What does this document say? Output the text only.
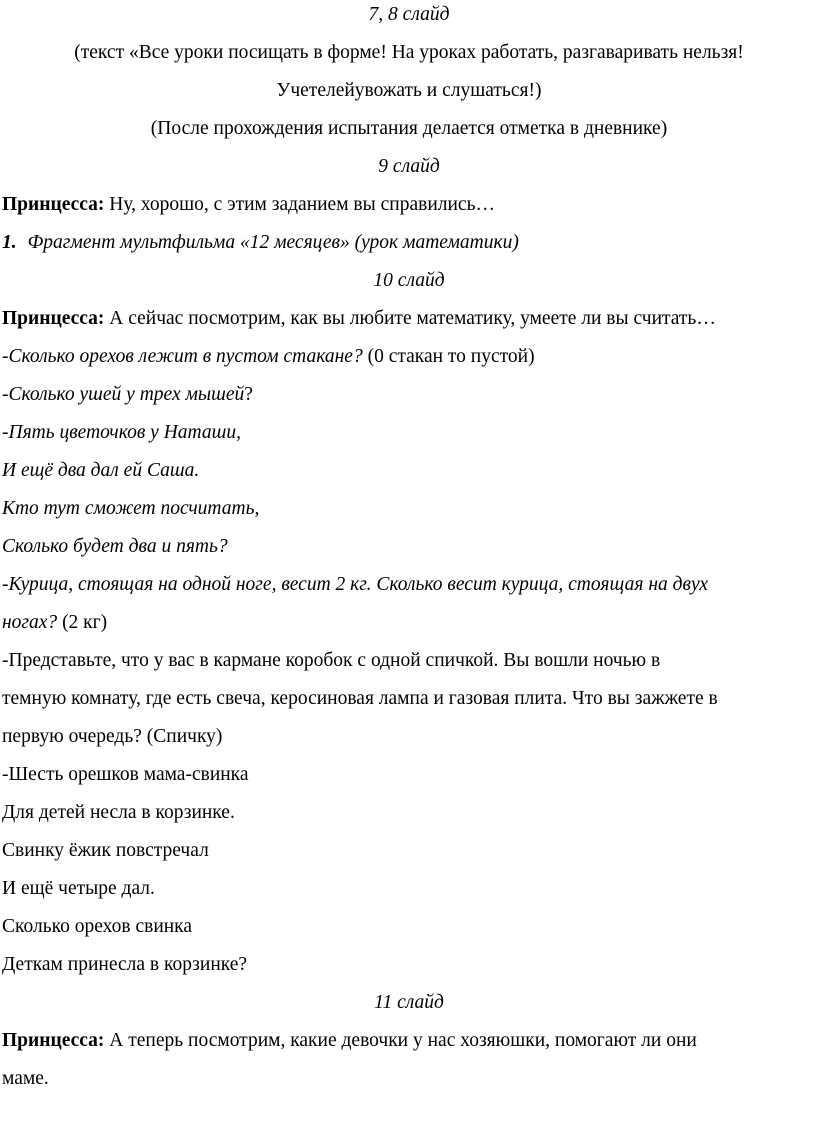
7, 8 слайд
(текст «Все уроки посищать в форме! На уроках работать, разгаваривать нельзя!
Учетелейувожать и слушаться!)
(После прохождения испытания делается отметка в дневнике)
9 слайд
Принцесса: Ну, хорошо, с этим заданием вы справились…
1. Фрагмент мультфильма «12 месяцев» (урок математики)
10 слайд
Принцесса: А сейчас посмотрим, как вы любите математику, умеете ли вы считать…
-Сколько орехов лежит в пустом стакане? (0 стакан то пустой)
-Сколько ушей у трех мышей?
-Пять цветочков у Наташи,
И ещё два дал ей Саша.
Кто тут сможет посчитать,
Сколько будет два и пять?
-Курица, стоящая на одной ноге, весит 2 кг. Сколько весит курица, стоящая на двух
ногах? (2 кг)
-Представьте, что у вас в кармане коробок с одной спичкой. Вы вошли ночью в
темную комнату, где есть свеча, керосиновая лампа и газовая плита. Что вы зажжете в
первую очередь? (Спичку)
-Шесть орешков мама-свинка
Для детей несла в корзинке.
Свинку ёжик повстречал
И ещё четыре дал.
Сколько орехов свинка
Деткам принесла в корзинке?
11 слайд
Принцесса: А теперь посмотрим, какие девочки у нас хозяюшки, помогают ли они
маме.
